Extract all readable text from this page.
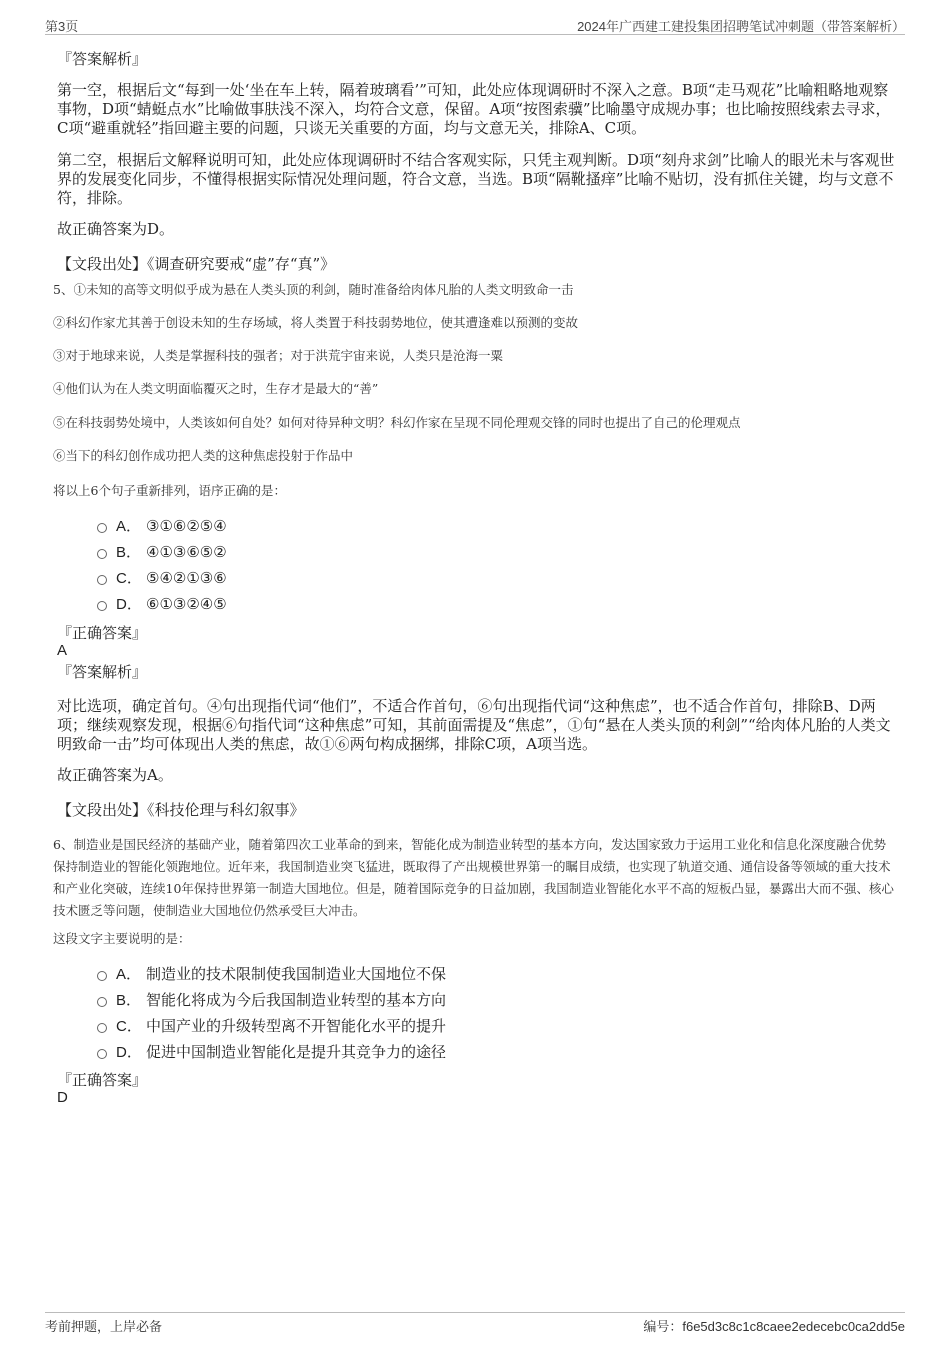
第3页	2024年广西建工建投集团招聘笔试冲刺题（带答案解析）

『答案解析』

第一空，根据后文“每到一处‘坐在车上转，隔着玻璃看’”可知，此处应体现调研时不深入之意。B项“走马观花”比喻粗略地观察事物，D项“蜻蜓点水”比喻做事肤浅不深入，均符合文意，保留。A项“按图索骥”比喻墨守成规办事；也比喻按照线索去寻求，C项“避重就轻”指回避主要的问题，只谈无关重要的方面，均与文意无关，排除A、C项。

第二空，根据后文解释说明可知，此处应体现调研时不结合客观实际，只凭主观判断。D项“刻舟求剑”比喻人的眼光未与客观世界的发展变化同步，不懂得根据实际情况处理问题，符合文意，当选。B项“隔靴搔痒”比喻不贴切，没有抓住关键，均与文意不符，排除。

故正确答案为D。

【文段出处】《调查研究要戒“虚”存“真”》

5、①未知的高等文明似乎成为悬在人类头顶的利剑，随时准备给肉体凡胎的人类文明致命一击

②科幻作家尤其善于创设未知的生存场域，将人类置于科技弱势地位，使其遭逢难以预测的变故

③对于地球来说，人类是掌握科技的强者；对于洪荒宇宙来说，人类只是沧海一粟

④他们认为在人类文明面临覆灭之时，生存才是最大的“善”

⑤在科技弱势处境中，人类该如何自处？如何对待异种文明？科幻作家在呈现不同伦理观交锋的同时也提出了自己的伦理观点

⑥当下的科幻创作成功把人类的这种焦虑投射于作品中

将以上6个句子重新排列，语序正确的是：

A． ③①⑥②⑤④
B． ④①③⑥⑤②
C． ⑤④②①③⑥
D． ⑥①③②④⑤

『正确答案』

A

『答案解析』

对比选项，确定首句。④句出现指代词“他们”，不适合作首句，⑥句出现指代词“这种焦虑”，也不适合作首句，排除B、D两项；继续观察发现，根据⑥句指代词“这种焦虑”可知，其前面需提及“焦虑”，①句“悬在人类头顶的利剑”“给肉体凡胎的人类文明致命一击”均可体现出人类的焦虑，故①⑥两句构成捆绑，排除C项，A项当选。

故正确答案为A。

【文段出处】《科技伦理与科幻叙事》

6、制造业是国民经济的基础产业，随着第四次工业革命的到来，智能化成为制造业转型的基本方向，发达国家致力于运用工业化和信息化深度融合优势保持制造业的智能化领跑地位。近年来，我国制造业突飞猛进，既取得了产出规模世界第一的瞩目成绩，也实现了轨道交通、通信设备等领域的重大技术和产业化突破，连续10年保持世界第一制造大国地位。但是，随着国际竞争的日益加剧，我国制造业智能化水平不高的短板凸显，暴露出大而不强、核心技术匮乏等问题，使制造业大国地位仍然承受巨大冲击。

这段文字主要说明的是：

A． 制造业的技术限制使我国制造业大国地位不保
B． 智能化将成为今后我国制造业转型的基本方向
C． 中国产业的升级转型离不开智能化水平的提升
D． 促进中国制造业智能化是提升其竞争力的途径

『正确答案』

D

考前押题，上岸必备	编号：f6e5d3c8c1c8caee2edecebc0ca2dd5e
